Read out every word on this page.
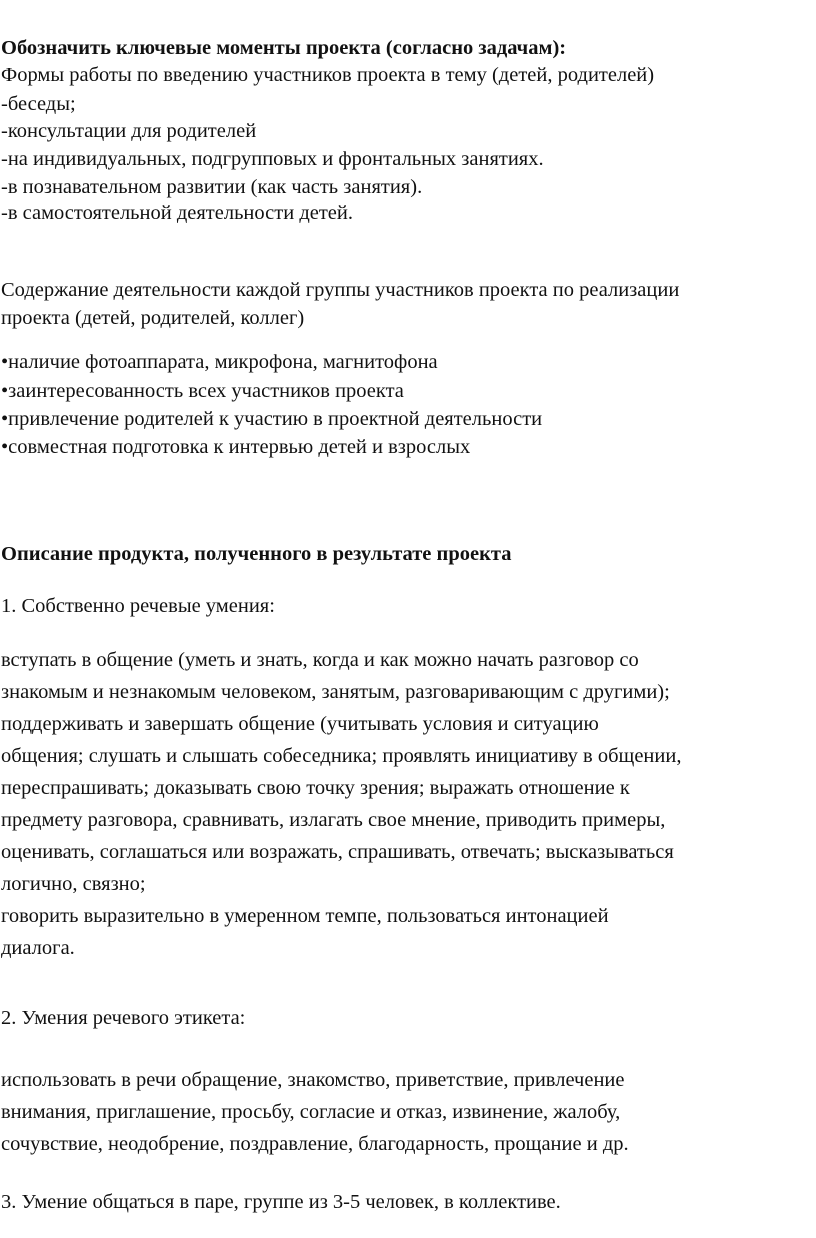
Обозначить ключевые моменты проекта (согласно задачам):
Формы работы по введению участников проекта в тему (детей, родителей)
-беседы;
-консультации для родителей
-на индивидуальных, подгрупповых и фронтальных занятиях.
-в познавательном развитии (как часть занятия).
-в самостоятельной деятельности детей.
Содержание деятельности каждой группы участников проекта по реализации
проекта (детей, родителей, коллег)
•наличие фотоаппарата, микрофона, магнитофона
•заинтересованность всех участников проекта
•привлечение родителей к участию в проектной деятельности
•совместная подготовка к интервью детей и взрослых
Описание продукта, полученного в результате проекта
1. Собственно речевые умения:
вступать в общение (уметь и знать, когда и как можно начать разговор со
знакомым и незнакомым человеком, занятым, разговаривающим с другими);
поддерживать и завершать общение (учитывать условия и ситуацию
общения; слушать и слышать собеседника; проявлять инициативу в общении,
переспрашивать; доказывать свою точку зрения; выражать отношение к
предмету разговора, сравнивать, излагать свое мнение, приводить примеры,
оценивать, соглашаться или возражать, спрашивать, отвечать; высказываться
логично, связно;
говорить выразительно в умеренном темпе, пользоваться интонацией
диалога.
2. Умения речевого этикета:
использовать в речи обращение, знакомство, приветствие, привлечение
внимания, приглашение, просьбу, согласие и отказ, извинение, жалобу,
сочувствие, неодобрение, поздравление, благодарность, прощание и др.
3. Умение общаться в паре, группе из 3-5 человек, в коллективе.
